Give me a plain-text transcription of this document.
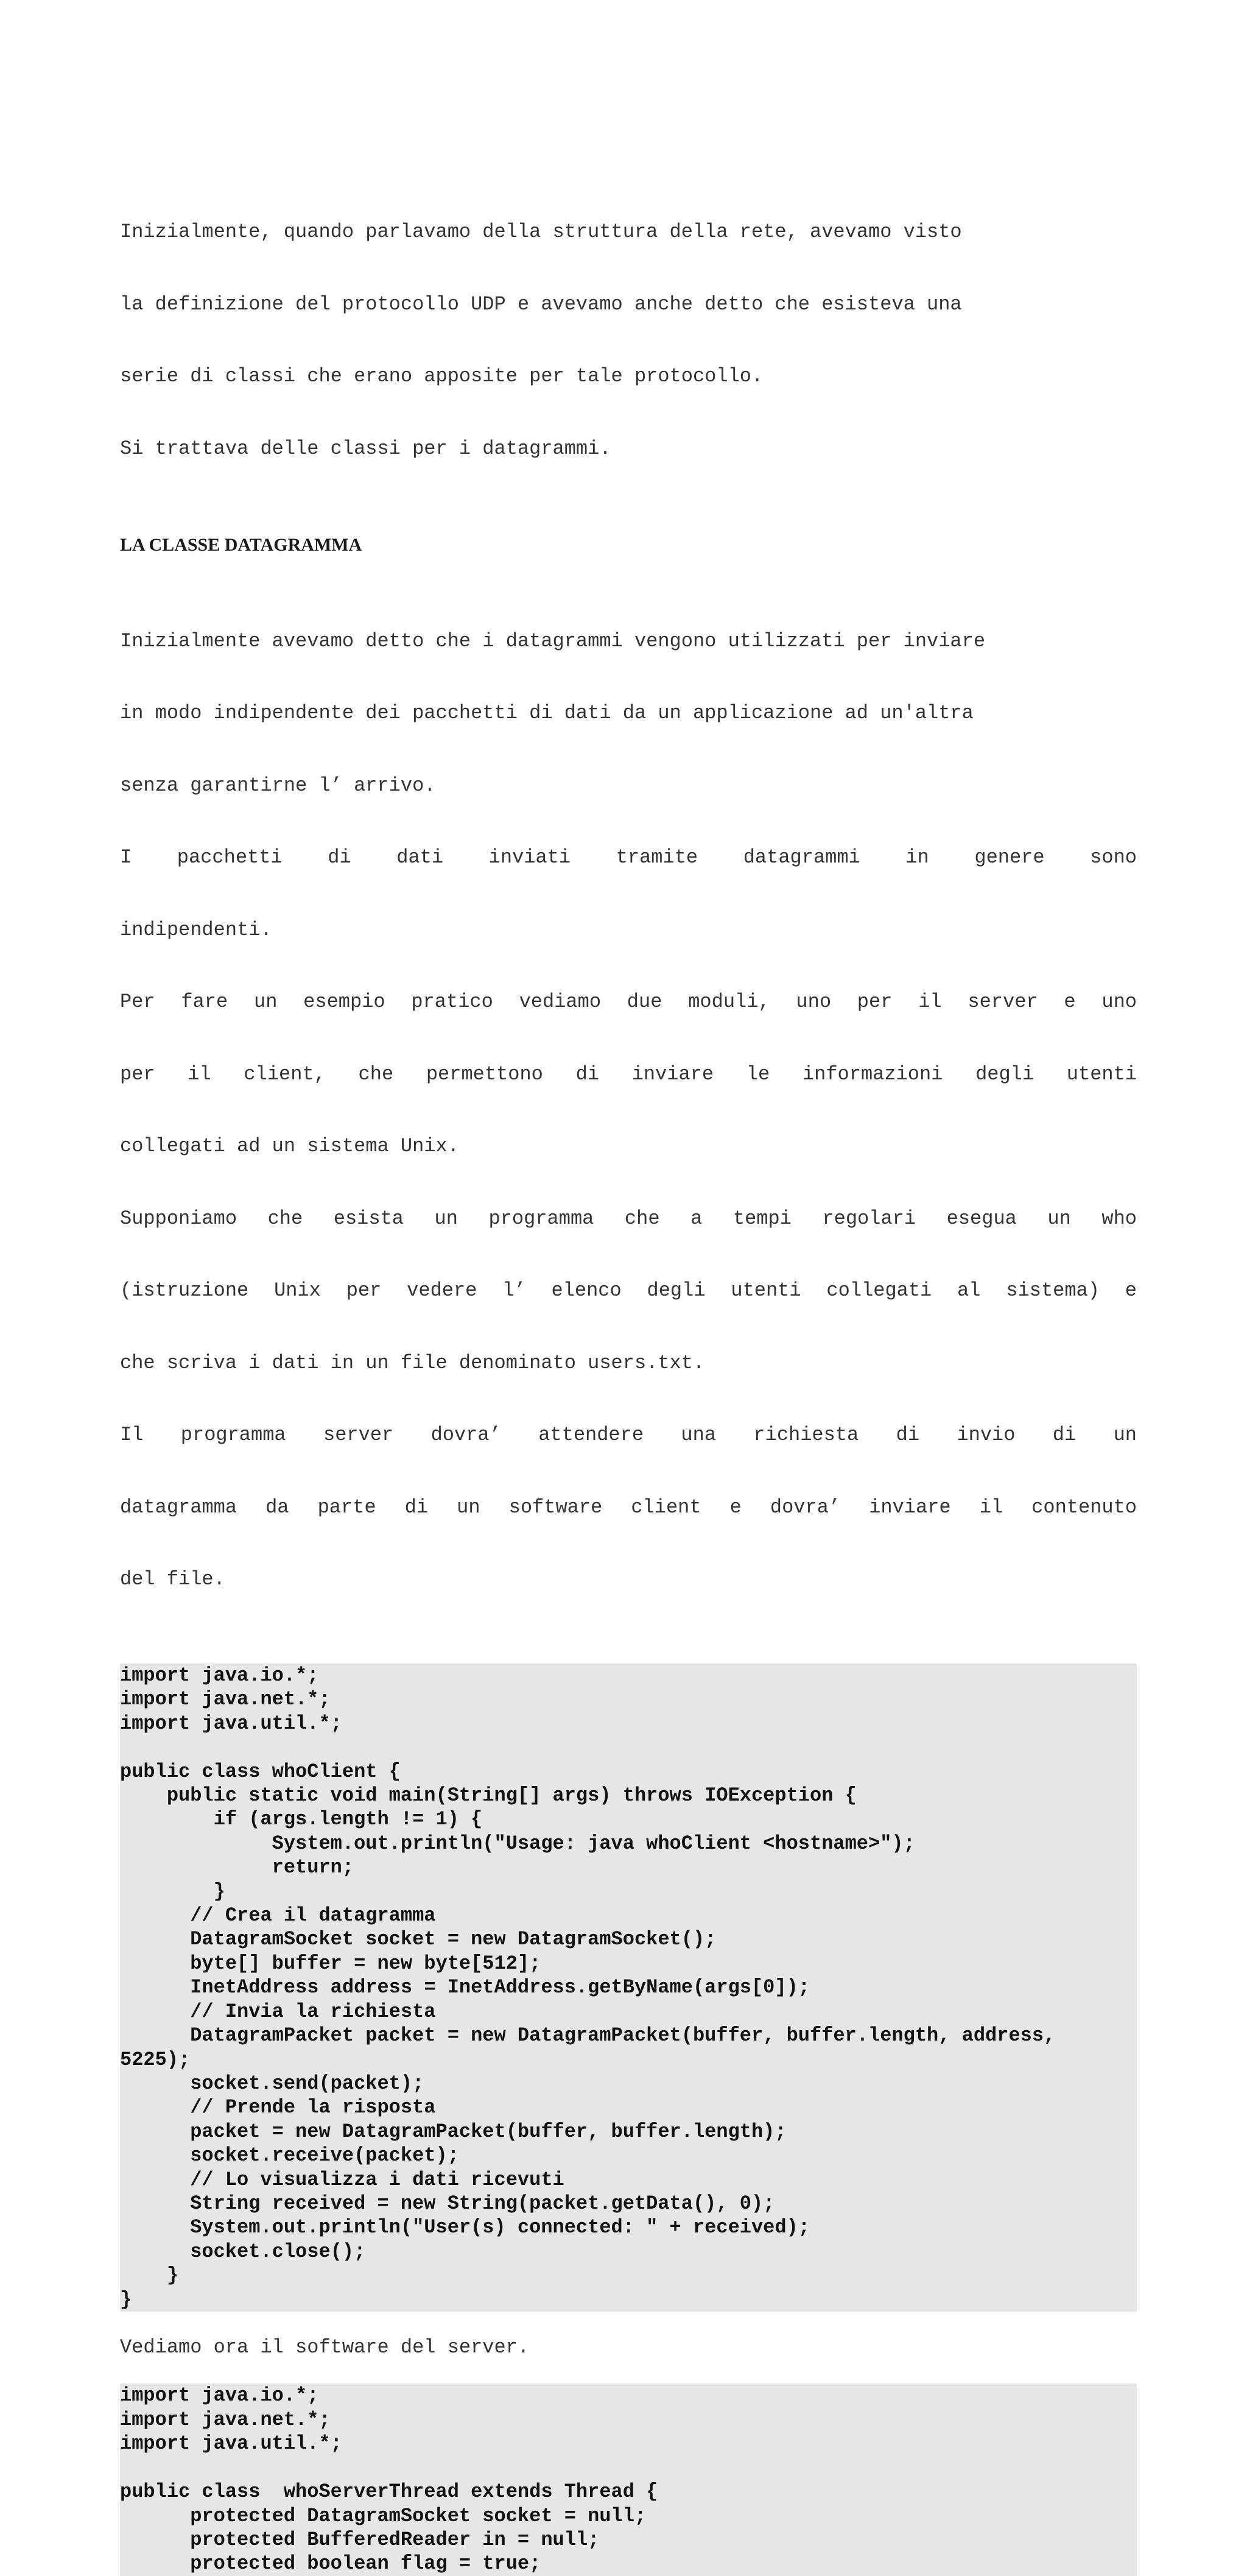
Inizialmente, quando parlavamo della struttura della rete, avevamo visto

la definizione del protocollo UDP e avevamo anche detto che esisteva una

serie di classi che erano apposite per tale protocollo.

Si trattava delle classi per i datagrammi.

LA CLASSE DATAGRAMMA

Inizialmente avevamo detto che i datagrammi vengono utilizzati per inviare

in modo indipendente dei pacchetti di dati da un applicazione ad un'altra

senza garantirne l’ arrivo.

I pacchetti di dati inviati tramite datagrammi in genere sono

indipendenti.

Per fare un esempio pratico vediamo due moduli, uno per il server e uno

per il client, che permettono di inviare le informazioni degli utenti

collegati ad un sistema Unix.

Supponiamo che esista un programma che a tempi regolari esegua un who

(istruzione Unix per vedere l’ elenco degli utenti collegati al sistema) e

che scriva i dati in un file denominato users.txt.

Il programma server dovra’ attendere una richiesta di invio di un

datagramma da parte di un software client e dovra’ inviare il contenuto

del file.

import java.io.*;
import java.net.*;
import java.util.*;

public class whoClient {
public static void main(String[] args) throws IOException {
if (args.length != 1) {
System.out.println("Usage: java whoClient <hostname>");
return;
}
// Crea il datagramma
DatagramSocket socket = new DatagramSocket();
byte[] buffer = new byte[512];
InetAddress address = InetAddress.getByName(args[0]);
// Invia la richiesta
DatagramPacket packet = new DatagramPacket(buffer, buffer.length, address,
5225);
socket.send(packet);
// Prende la risposta
packet = new DatagramPacket(buffer, buffer.length);
socket.receive(packet);
// Lo visualizza i dati ricevuti
String received = new String(packet.getData(), 0);
System.out.println("User(s) connected: " + received);
socket.close();
}
}
Vediamo ora il software del server.
import java.io.*;
import java.net.*;
import java.util.*;

public class  whoServerThread extends Thread {
protected DatagramSocket socket = null;
protected BufferedReader in = null;
protected boolean flag = true;
